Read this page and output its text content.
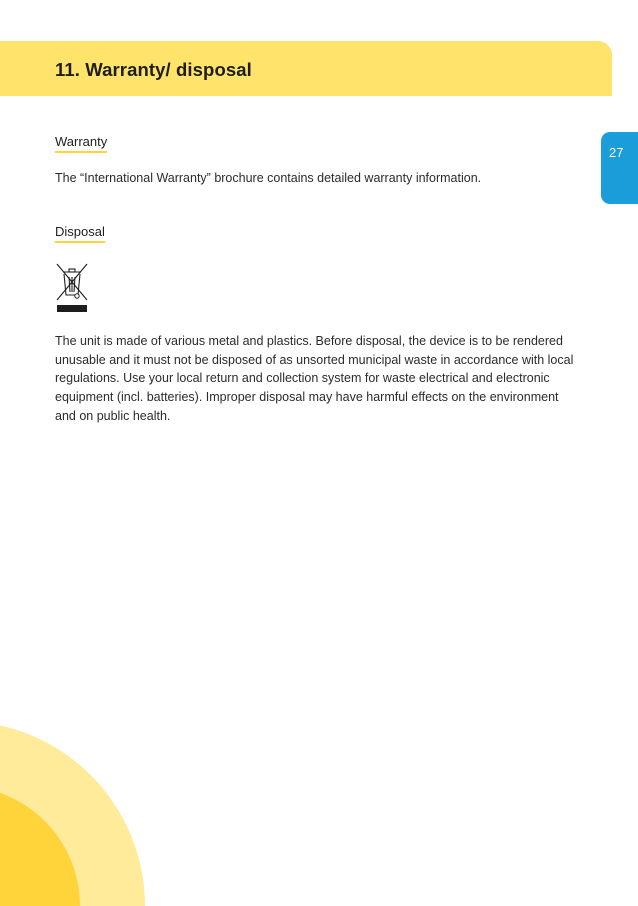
11. Warranty/ disposal
27
Warranty

The “International Warranty” brochure contains detailed warranty information.

Disposal

The unit is made of various metal and plastics. Before disposal, the device is to be rendered unusable and it must not be disposed of as unsorted municipal waste in accordance with local regulations. Use your local return and collection system for waste electrical and electronic equipment (incl. batteries). Improper disposal may have harmful effects on the environment and on public health.
